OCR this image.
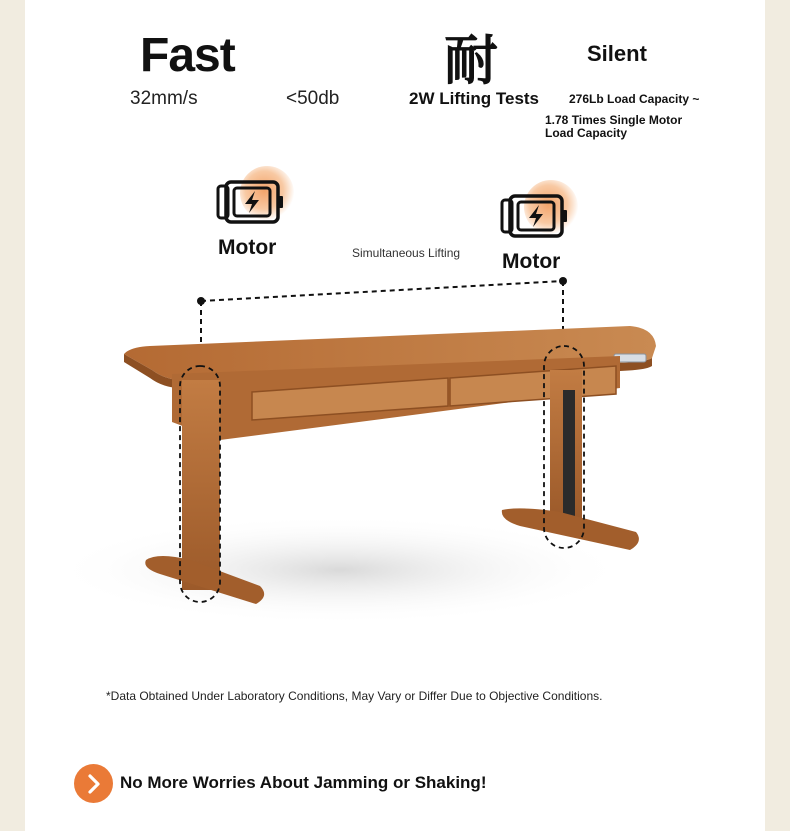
Fast
32mm/s	<50db
耐
2W Lifting Tests
Silent
276Lb Load Capacity ~
1.78 Times Single Motor Load Capacity
Motor
Motor
Simultaneous Lifting
*Data Obtained Under Laboratory Conditions, May Vary or Differ Due to Objective Conditions.
No More Worries About Jamming or Shaking!
